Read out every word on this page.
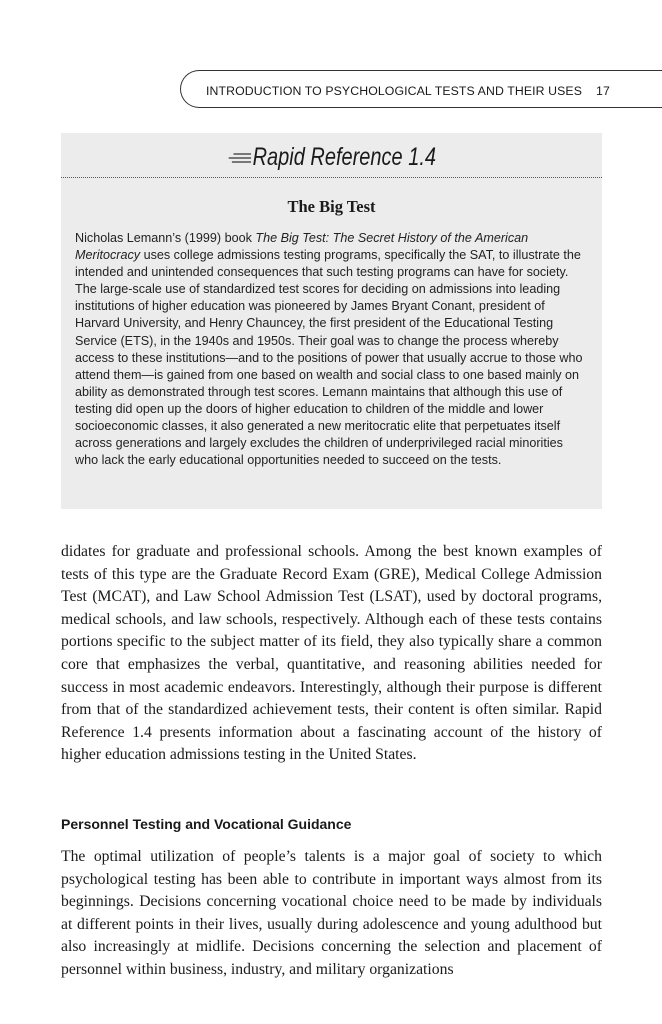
INTRODUCTION TO PSYCHOLOGICAL TESTS AND THEIR USES 17
Rapid Reference 1.4
The Big Test
Nicholas Lemann’s (1999) book The Big Test: The Secret History of the American Meritocracy uses college admissions testing programs, specifically the SAT, to illustrate the intended and unintended consequences that such testing programs can have for society. The large-scale use of standardized test scores for deciding on admissions into leading institutions of higher education was pioneered by James Bryant Conant, president of Harvard University, and Henry Chauncey, the first president of the Educational Testing Service (ETS), in the 1940s and 1950s. Their goal was to change the process whereby access to these institutions—and to the positions of power that usually accrue to those who attend them—is gained from one based on wealth and social class to one based mainly on ability as demonstrated through test scores. Lemann maintains that although this use of testing did open up the doors of higher education to children of the middle and lower socioeconomic classes, it also generated a new meritocratic elite that perpetuates itself across generations and largely excludes the children of underprivileged racial minorities who lack the early educational opportunities needed to succeed on the tests.
didates for graduate and professional schools. Among the best known examples of tests of this type are the Graduate Record Exam (GRE), Medical College Admission Test (MCAT), and Law School Admission Test (LSAT), used by doctoral programs, medical schools, and law schools, respectively. Although each of these tests contains portions specific to the subject matter of its field, they also typically share a common core that emphasizes the verbal, quantitative, and reasoning abilities needed for success in most academic endeavors. Interestingly, although their purpose is different from that of the standardized achievement tests, their content is often similar. Rapid Reference 1.4 presents information about a fascinating account of the history of higher education admissions testing in the United States.
Personnel Testing and Vocational Guidance
The optimal utilization of people’s talents is a major goal of society to which psychological testing has been able to contribute in important ways almost from its beginnings. Decisions concerning vocational choice need to be made by individuals at different points in their lives, usually during adolescence and young adulthood but also increasingly at midlife. Decisions concerning the selection and placement of personnel within business, industry, and military organizations
